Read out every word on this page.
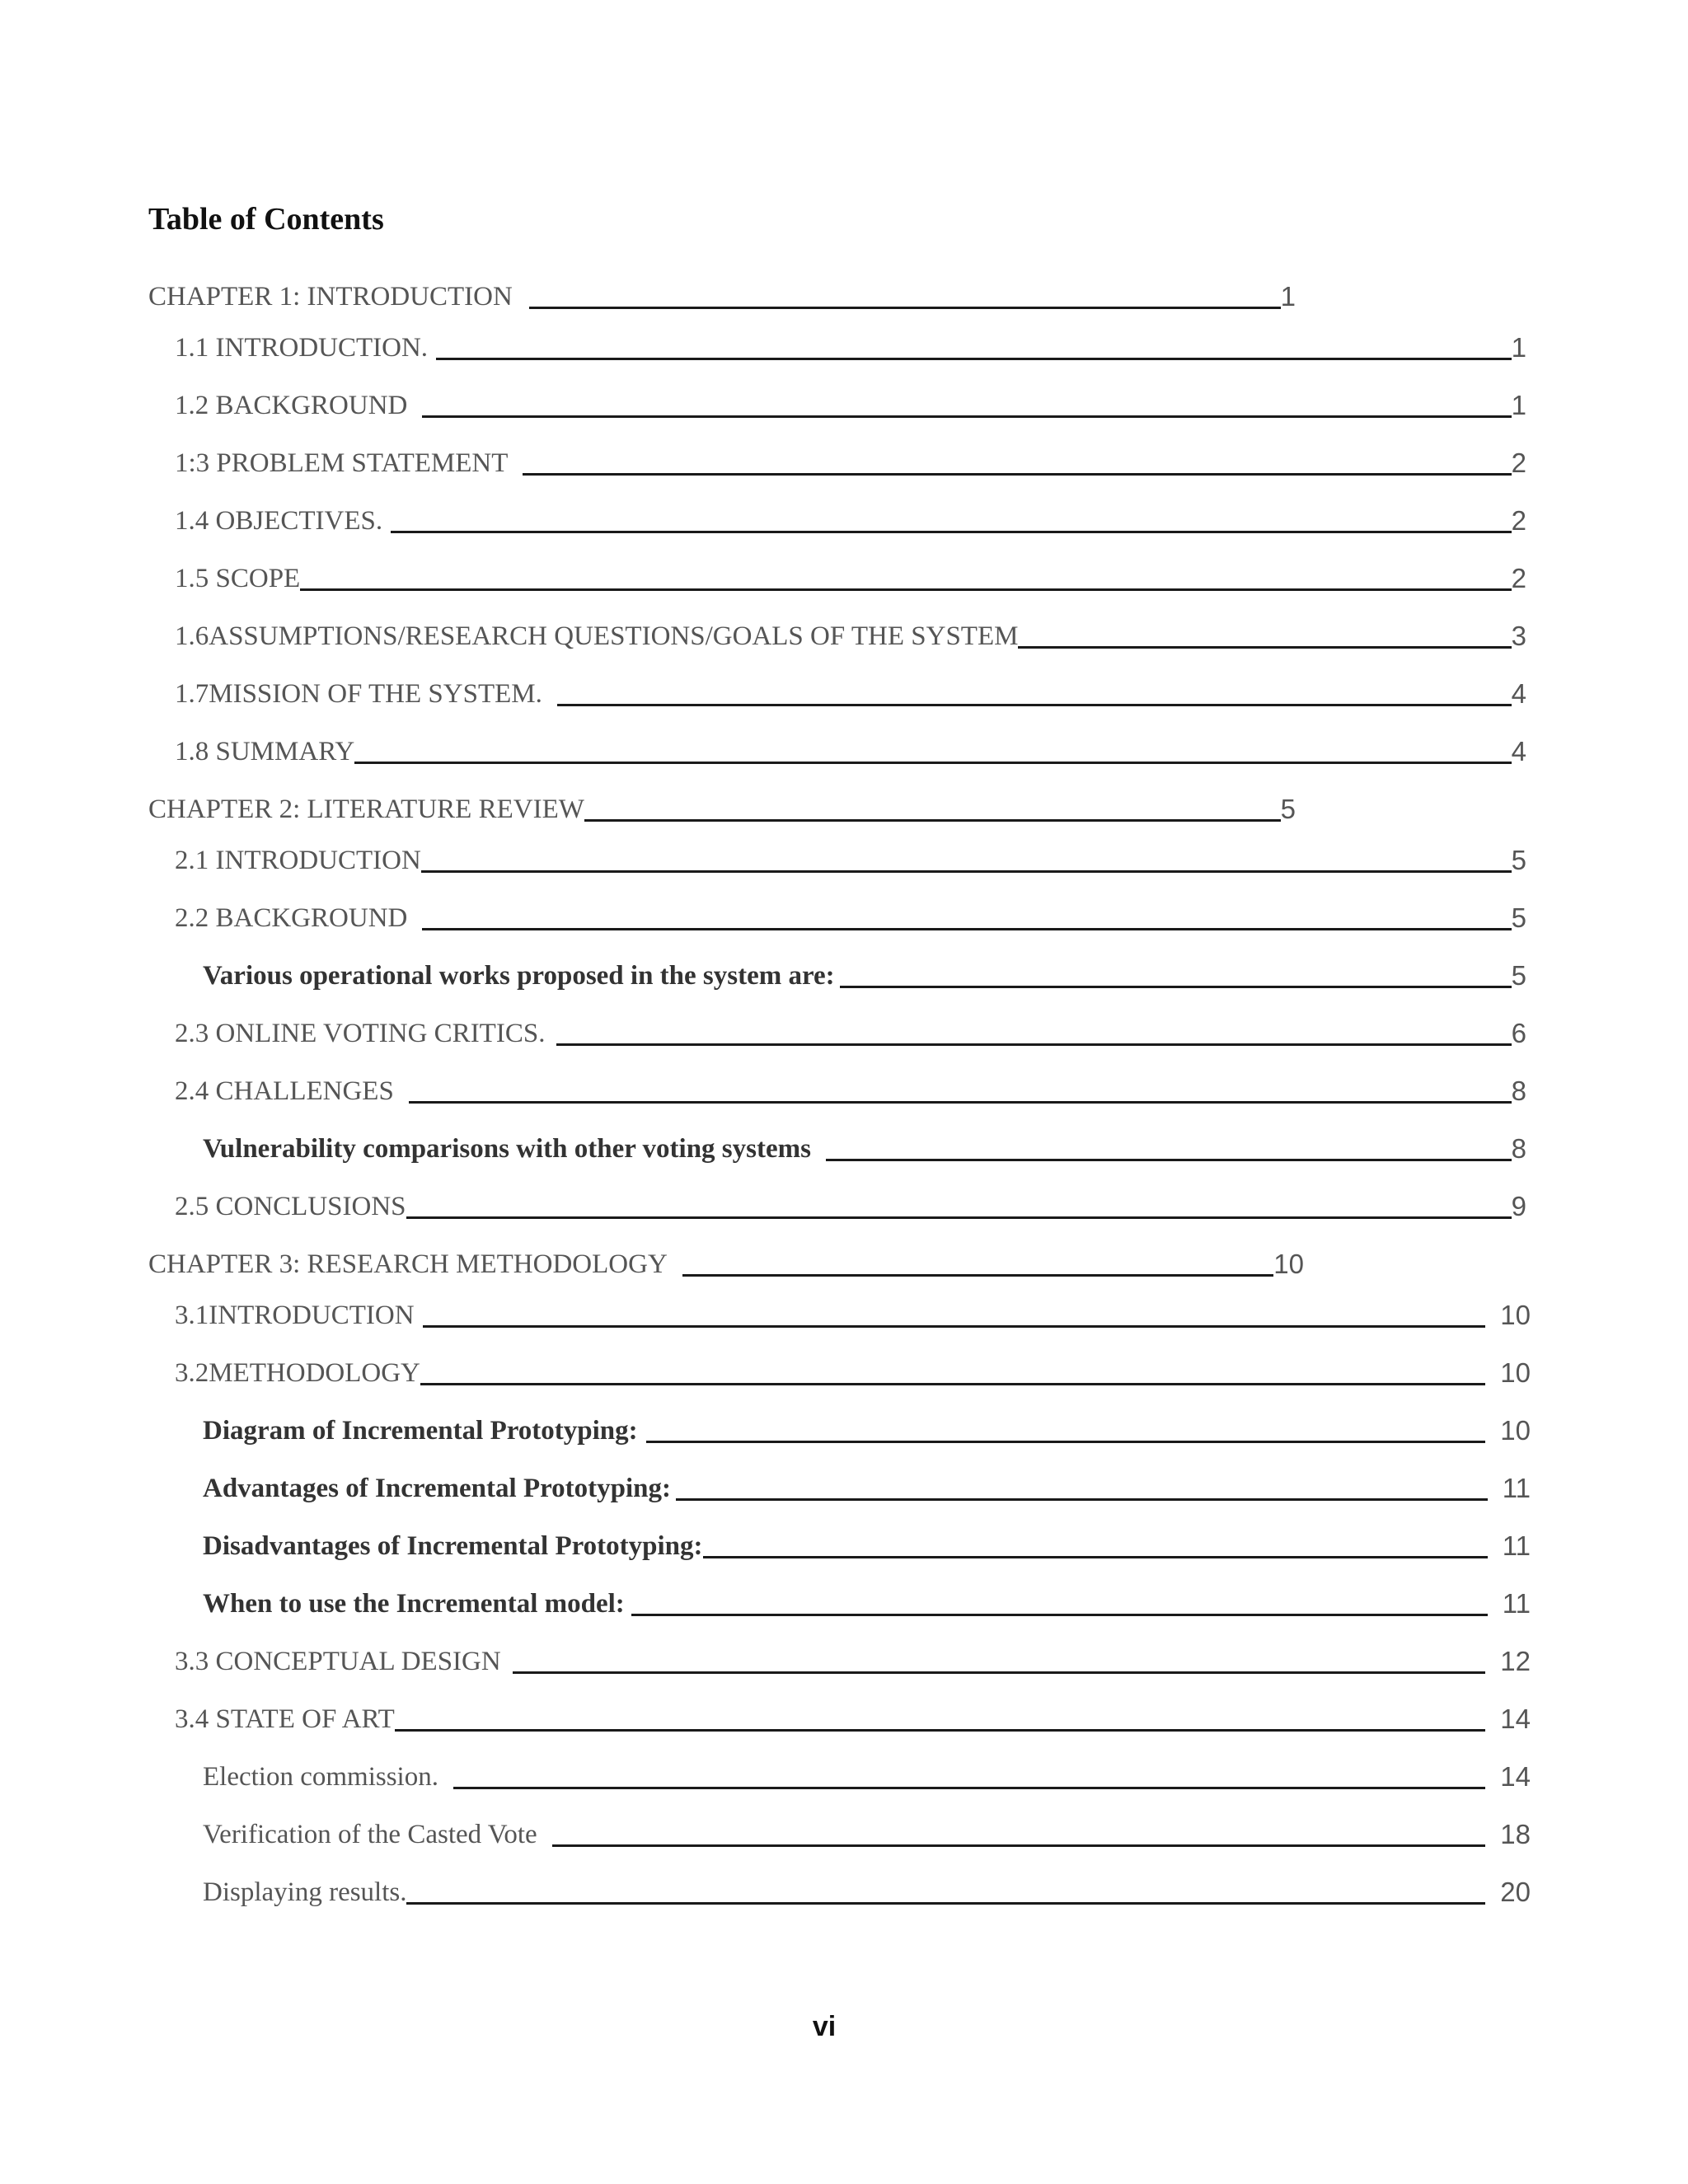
Table of Contents
CHAPTER 1: INTRODUCTION	1
1.1 INTRODUCTION.	1
1.2 BACKGROUND	1
1:3 PROBLEM STATEMENT	2
1.4 OBJECTIVES.	2
1.5 SCOPE	2
1.6ASSUMPTIONS/RESEARCH QUESTIONS/GOALS OF THE SYSTEM	3
1.7MISSION OF THE SYSTEM.	4
1.8 SUMMARY	4
CHAPTER 2: LITERATURE REVIEW	5
2.1 INTRODUCTION	5
2.2 BACKGROUND	5
Various operational works proposed in the system are:	5
2.3 ONLINE VOTING CRITICS.	6
2.4 CHALLENGES	8
Vulnerability comparisons with other voting systems	8
2.5 CONCLUSIONS	9
CHAPTER 3: RESEARCH METHODOLOGY	10
3.1INTRODUCTION	10
3.2METHODOLOGY	10
Diagram of Incremental Prototyping:	10
Advantages of Incremental Prototyping:	11
Disadvantages of Incremental Prototyping:	11
When to use the Incremental model:	11
3.3 CONCEPTUAL DESIGN	12
3.4 STATE OF ART	14
Election commission.	14
Verification of the Casted Vote	18
Displaying results.	20
vi
